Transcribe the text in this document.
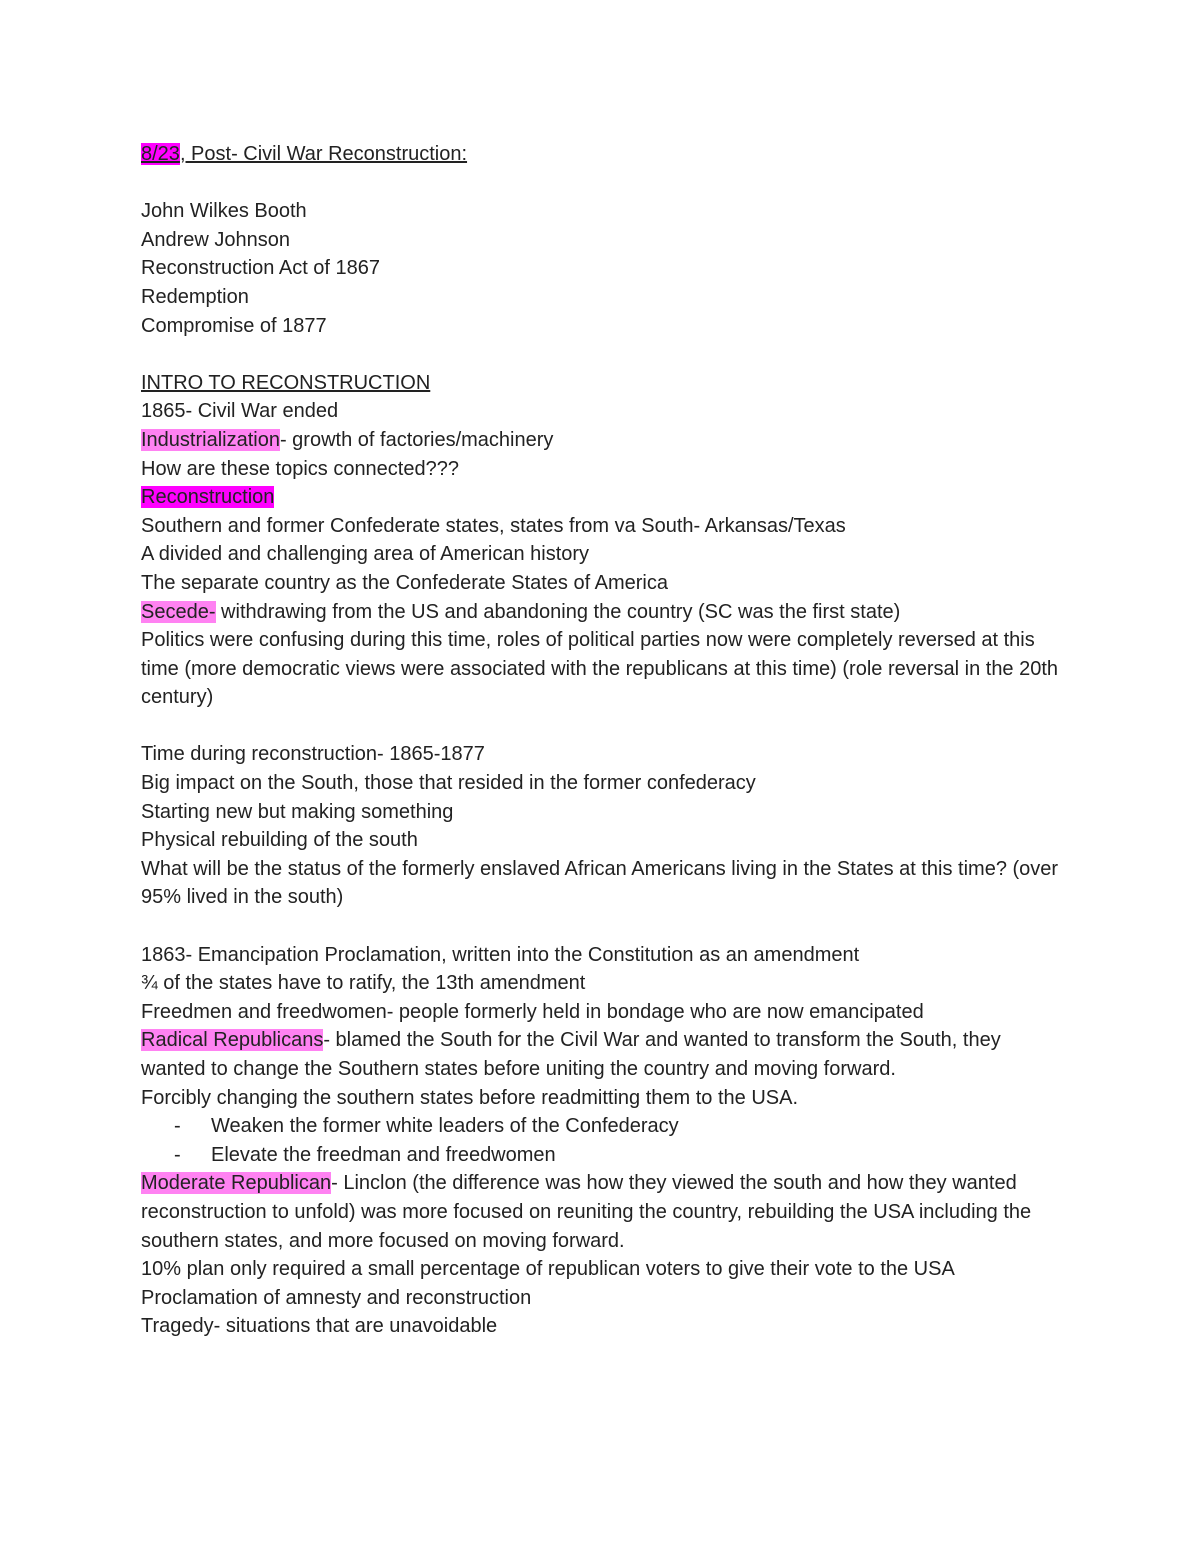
8/23, Post- Civil War Reconstruction:
John Wilkes Booth
Andrew Johnson
Reconstruction Act of 1867
Redemption
Compromise of 1877
INTRO TO RECONSTRUCTION
1865- Civil War ended
Industrialization- growth of factories/machinery
How are these topics connected???
Reconstruction
Southern and former Confederate states, states from va South- Arkansas/Texas
A divided and challenging area of American history
The separate country as the Confederate States of America
Secede- withdrawing from the US and abandoning the country (SC was the first state)
Politics were confusing during this time, roles of political parties now were completely reversed at this time (more democratic views were associated with the republicans at this time) (role reversal in the 20th century)
Time during reconstruction- 1865-1877
Big impact on the South, those that resided in the former confederacy
Starting new but making something
Physical rebuilding of the south
What will be the status of the formerly enslaved African Americans living in the States at this time? (over 95% lived in the south)
1863- Emancipation Proclamation, written into the Constitution as an amendment
¾ of the states have to ratify, the 13th amendment
Freedmen and freedwomen- people formerly held in bondage who are now emancipated
Radical Republicans- blamed the South for the Civil War and wanted to transform the South, they wanted to change the Southern states before uniting the country and moving forward.
Forcibly changing the southern states before readmitting them to the USA.
- Weaken the former white leaders of the Confederacy
- Elevate the freedman and freedwomen
Moderate Republican- Linclon (the difference was how they viewed the south and how they wanted reconstruction to unfold) was more focused on reuniting the country, rebuilding the USA including the southern states, and more focused on moving forward.
10% plan only required a small percentage of republican voters to give their vote to the USA
Proclamation of amnesty and reconstruction
Tragedy- situations that are unavoidable
